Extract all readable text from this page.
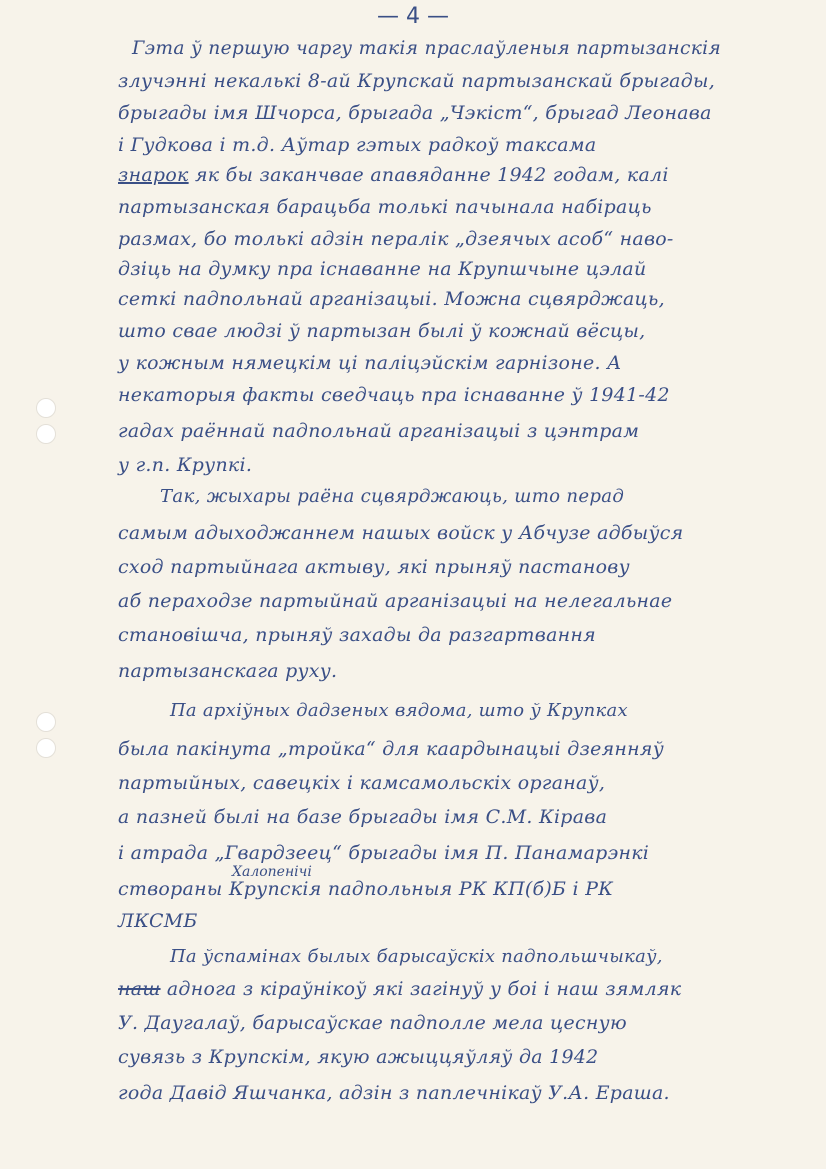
— 4 —
Гэта ў першую чаргу такія праслаўленыя партызанскія
злучэнні некалькі 8-ай Крупскай партызанскай брыгады,
брыгады імя Шчорса, брыгада „Чэкіст“, брыгад Леонава
і Гудкова і т.д. Аўтар гэтых радкоў таксама
знарок як бы заканчвае апавяданне 1942 годам, калі
партызанская барацьба толькі пачынала набіраць
размах, бо толькі адзін пералік „дзеячых асоб“ наво-
дзіць на думку пра існаванне на Крупшчыне цэлай
сеткі падпольнай арганізацыі. Можна сцвярджаць,
што свае людзі ў партызан былі ў кожнай вёсцы,
у кожным нямецкім ці паліцэйскім гарнізоне. А
некаторыя факты сведчаць пра існаванне ў 1941-42
гадах раённай падпольнай арганізацыі з цэнтрам
у г.п. Крупкі.
Так, жыхары раёна сцвярджаюць, што перад
самым адыходжаннем нашых войск у Абчузе адбыўся
сход партыйнага актыву, які прыняў пастанову
аб пераходзе партыйнай арганізацыі на нелегальнае
становішча, прыняў захады да разгартвання
партызанскага руху.
Па архіўных дадзеных вядома, што ў Крупках
была пакінута „тройка“ для каардынацыі дзеянняў
партыйных, савецкіх і камсамольскіх органаў,
а пазней былі на базе брыгады імя С.М. Кірава
і атрада „Гвардзеец“ брыгады імя П. Панамарэнкі
Халопенічі
створаны Крупскія падпольныя РК КП(б)Б і РК
ЛКСМБ
Па ўспамінах былых барысаўскіх падпольшчыкаў,
наш аднога з кіраўнікоў які загінуў у боі і наш зямляк
У. Даугалаў, барысаўскае падполле мела цесную
сувязь з Крупскім, якую ажыццяўляў да 1942
года Давід Яшчанка, адзін з паплечнікаў У.А. Ераша.
